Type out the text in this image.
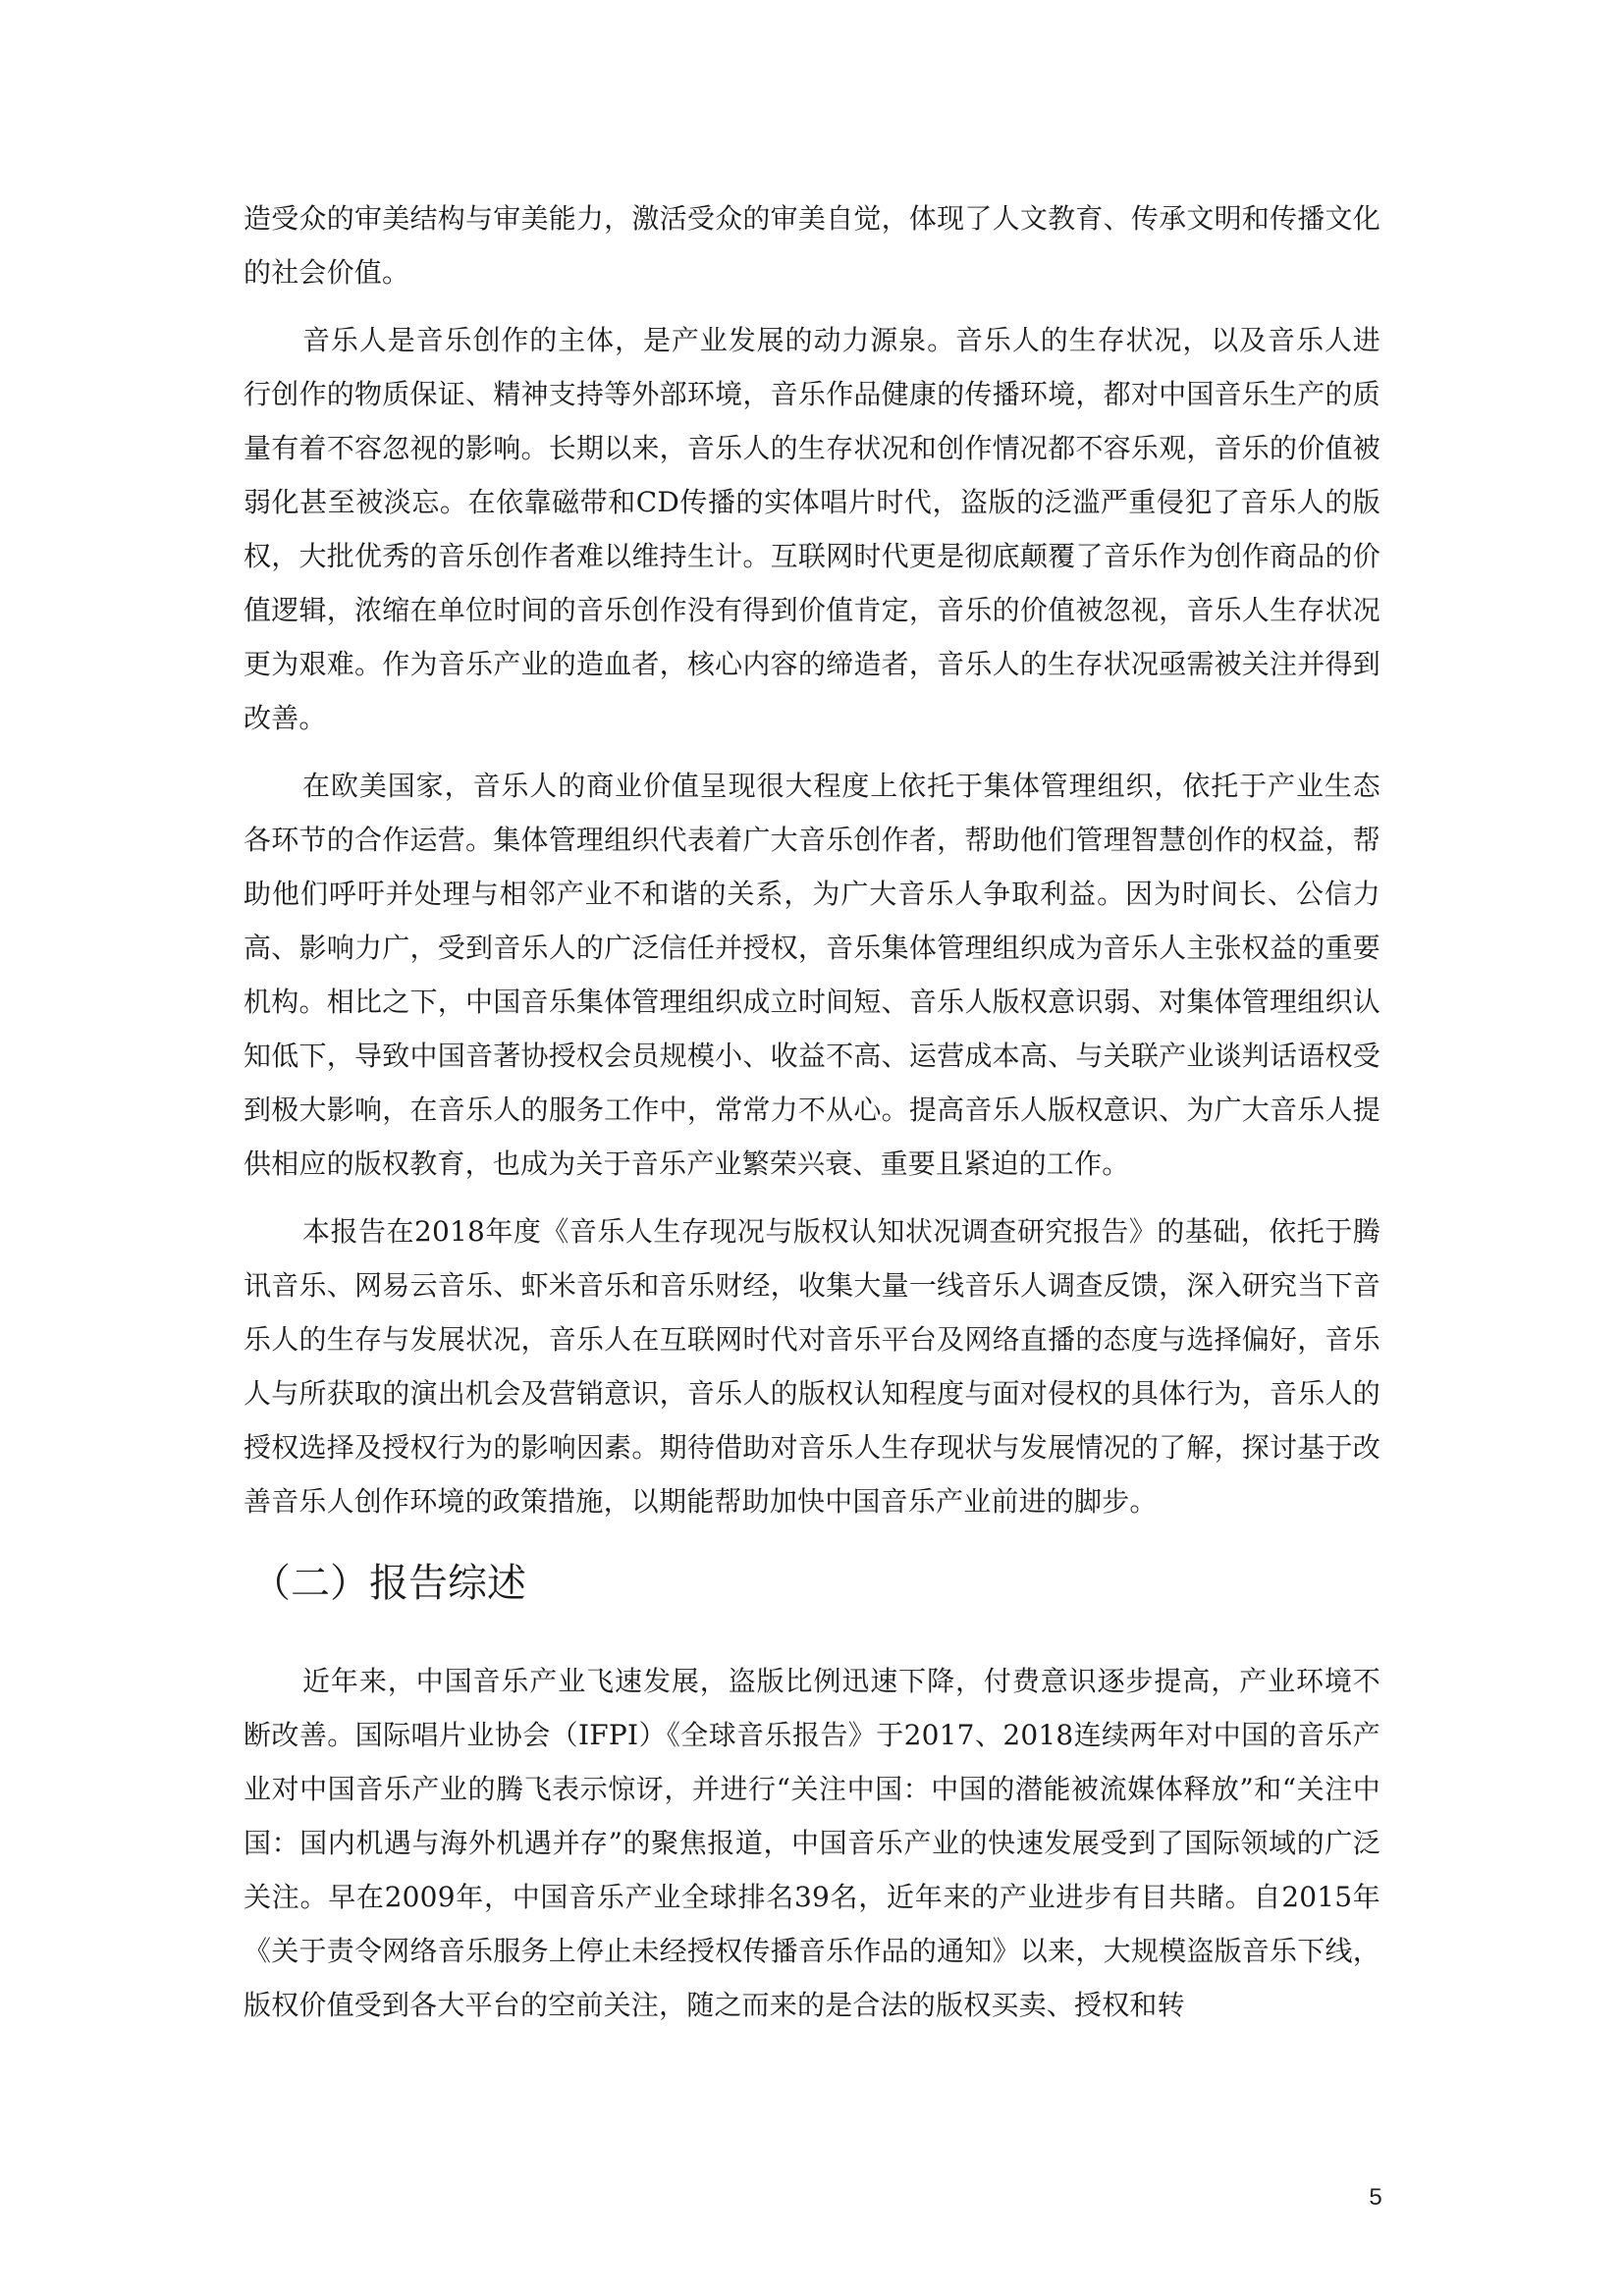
造受众的审美结构与审美能力，激活受众的审美自觉，体现了人文教育、传承文明和传播文化的社会价值。

音乐人是音乐创作的主体，是产业发展的动力源泉。音乐人的生存状况，以及音乐人进行创作的物质保证、精神支持等外部环境，音乐作品健康的传播环境，都对中国音乐生产的质量有着不容忽视的影响。长期以来，音乐人的生存状况和创作情况都不容乐观，音乐的价值被弱化甚至被淡忘。在依靠磁带和CD传播的实体唱片时代，盗版的泛滥严重侵犯了音乐人的版权，大批优秀的音乐创作者难以维持生计。互联网时代更是彻底颠覆了音乐作为创作商品的价值逻辑，浓缩在单位时间的音乐创作没有得到价值肯定，音乐的价值被忽视，音乐人生存状况更为艰难。作为音乐产业的造血者，核心内容的缔造者，音乐人的生存状况亟需被关注并得到改善。

在欧美国家，音乐人的商业价值呈现很大程度上依托于集体管理组织，依托于产业生态各环节的合作运营。集体管理组织代表着广大音乐创作者，帮助他们管理智慧创作的权益，帮助他们呼吁并处理与相邻产业不和谐的关系，为广大音乐人争取利益。因为时间长、公信力高、影响力广，受到音乐人的广泛信任并授权，音乐集体管理组织成为音乐人主张权益的重要机构。相比之下，中国音乐集体管理组织成立时间短、音乐人版权意识弱、对集体管理组织认知低下，导致中国音著协授权会员规模小、收益不高、运营成本高、与关联产业谈判话语权受到极大影响，在音乐人的服务工作中，常常力不从心。提高音乐人版权意识、为广大音乐人提供相应的版权教育，也成为关于音乐产业繁荣兴衰、重要且紧迫的工作。

本报告在2018年度《音乐人生存现况与版权认知状况调查研究报告》的基础，依托于腾讯音乐、网易云音乐、虾米音乐和音乐财经，收集大量一线音乐人调查反馈，深入研究当下音乐人的生存与发展状况，音乐人在互联网时代对音乐平台及网络直播的态度与选择偏好，音乐人与所获取的演出机会及营销意识，音乐人的版权认知程度与面对侵权的具体行为，音乐人的授权选择及授权行为的影响因素。期待借助对音乐人生存现状与发展情况的了解，探讨基于改善音乐人创作环境的政策措施，以期能帮助加快中国音乐产业前进的脚步。

（二）报告综述

近年来，中国音乐产业飞速发展，盗版比例迅速下降，付费意识逐步提高，产业环境不断改善。国际唱片业协会（IFPI）《全球音乐报告》于2017、2018连续两年对中国的音乐产业对中国音乐产业的腾飞表示惊讶，并进行“关注中国：中国的潜能被流媒体释放”和“关注中国：国内机遇与海外机遇并存”的聚焦报道，中国音乐产业的快速发展受到了国际领域的广泛关注。早在2009年，中国音乐产业全球排名39名，近年来的产业进步有目共睹。自2015年《关于责令网络音乐服务上停止未经授权传播音乐作品的通知》以来，大规模盗版音乐下线，版权价值受到各大平台的空前关注，随之而来的是合法的版权买卖、授权和转

5
